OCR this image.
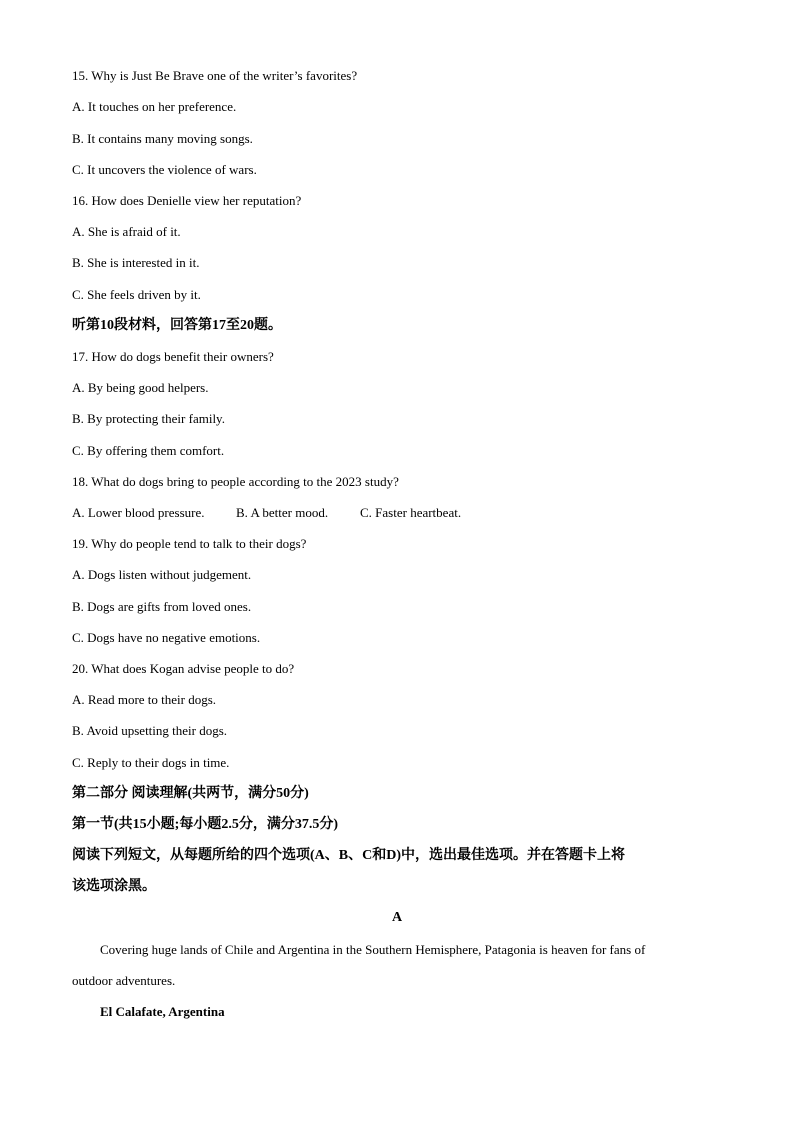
15. Why is Just Be Brave one of the writer’s favorites?
A. It touches on her preference.
B. It contains many moving songs.
C. It uncovers the violence of wars.
16. How does Denielle view her reputation?
A. She is afraid of it.
B. She is interested in it.
C. She feels driven by it.
听第10段材料，回答第17至20题。
17. How do dogs benefit their owners?
A. By being good helpers.
B. By protecting their family.
C. By offering them comfort.
18. What do dogs bring to people according to the 2023 study?
A. Lower blood pressure. B. A better mood. C. Faster heartbeat.
19. Why do people tend to talk to their dogs?
A. Dogs listen without judgement.
B. Dogs are gifts from loved ones.
C. Dogs have no negative emotions.
20. What does Kogan advise people to do?
A. Read more to their dogs.
B. Avoid upsetting their dogs.
C. Reply to their dogs in time.
第二部分 阅读理解(共两节，满分50分)
第一节(共15小题;每小题2.5分，满分37.5分)
阅读下列短文，从每题所给的四个选项(A、B、C和D)中，选出最佳选项。并在答题卡上将
该选项涂黑。
A
Covering huge lands of Chile and Argentina in the Southern Hemisphere, Patagonia is heaven for fans of
outdoor adventures.
El Calafate, Argentina
